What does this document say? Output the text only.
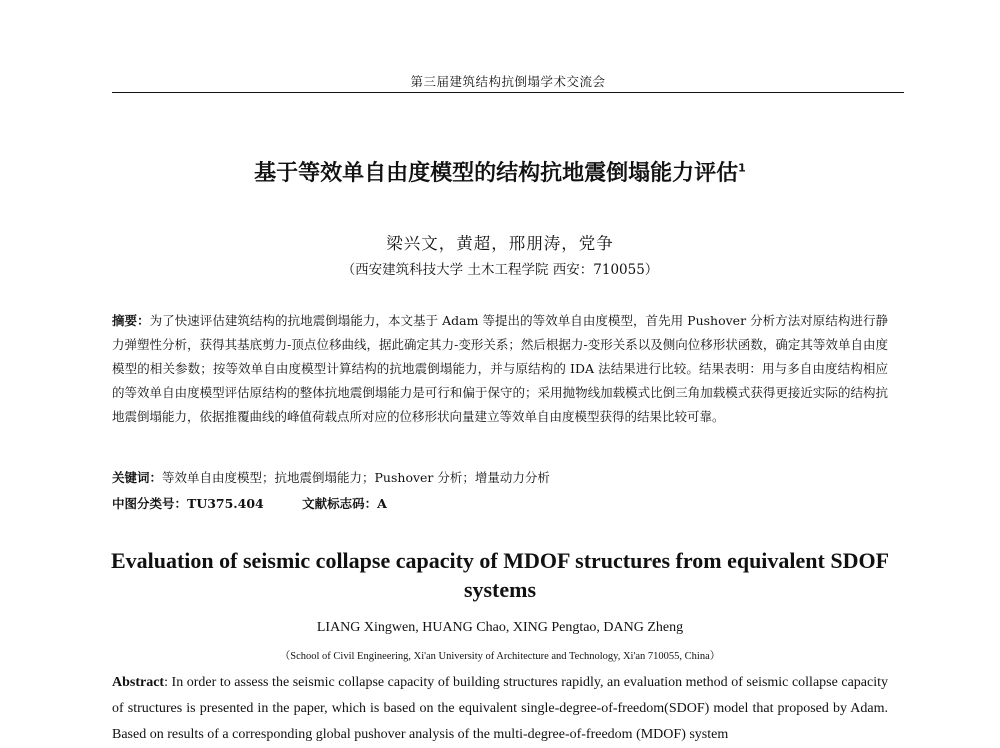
第三届建筑结构抗倒塌学术交流会
基于等效单自由度模型的结构抗地震倒塌能力评估$^1$
梁兴文，黄超，邢朋涛，党争
（西安建筑科技大学 土木工程学院 西安：710055）
摘要：为了快速评估建筑结构的抗地震倒塌能力，本文基于 Adam 等提出的等效单自由度模型，首先用 Pushover 分析方法对原结构进行静力弹塑性分析，获得其基底剪力-顶点位移曲线，据此确定其力-变形关系；然后根据力-变形关系以及侧向位移形状函数，确定其等效单自由度模型的相关参数；按等效单自由度模型计算结构的抗地震倒塌能力，并与原结构的 IDA 法结果进行比较。结果表明：用与多自由度结构相应的等效单自由度模型评估原结构的整体抗地震倒塌能力是可行和偏于保守的；采用抛物线加载模式比倒三角加载模式获得更接近实际的结构抗地震倒塌能力，依据推覆曲线的峰值荷载点所对应的位移形状向量建立等效单自由度模型获得的结果比较可靠。
关键词：等效单自由度模型；抗地震倒塌能力；Pushover 分析；增量动力分析
中图分类号：TU375.404	文献标志码：A
Evaluation of seismic collapse capacity of MDOF structures from equivalent SDOF systems
LIANG Xingwen, HUANG Chao, XING Pengtao, DANG Zheng
（School of Civil Engineering, Xi'an University of Architecture and Technology, Xi'an 710055, China）
Abstract: In order to assess the seismic collapse capacity of building structures rapidly, an evaluation method of seismic collapse capacity of structures is presented in the paper, which is based on the equivalent single-degree-of-freedom(SDOF) model that proposed by Adam. Based on results of a corresponding global pushover analysis of the multi-degree-of-freedom (MDOF) system
